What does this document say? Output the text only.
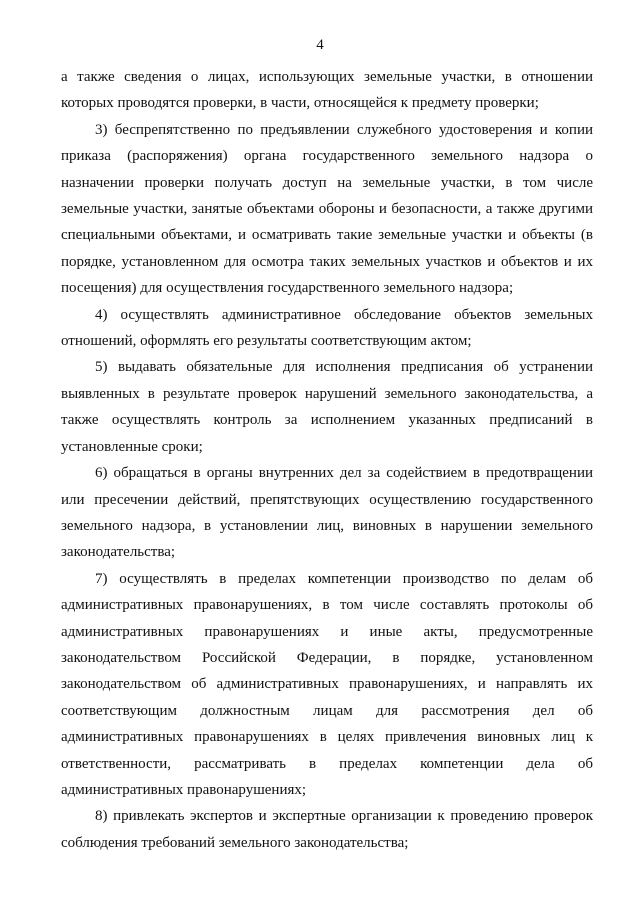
4

а также сведения о лицах, использующих земельные участки, в отношении которых проводятся проверки, в части, относящейся к предмету проверки;

3) беспрепятственно по предъявлении служебного удостоверения и копии приказа (распоряжения) органа государственного земельного надзора о назначении проверки получать доступ на земельные участки, в том числе земельные участки, занятые объектами обороны и безопасности, а также другими специальными объектами, и осматривать такие земельные участки и объекты (в порядке, установленном для осмотра таких земельных участков и объектов и их посещения) для осуществления государственного земельного надзора;

4) осуществлять административное обследование объектов земельных отношений, оформлять его результаты соответствующим актом;

5) выдавать обязательные для исполнения предписания об устранении выявленных в результате проверок нарушений земельного законодательства, а также осуществлять контроль за исполнением указанных предписаний в установленные сроки;

6) обращаться в органы внутренних дел за содействием в предотвращении или пресечении действий, препятствующих осуществлению государственного земельного надзора, в установлении лиц, виновных в нарушении земельного законодательства;

7) осуществлять в пределах компетенции производство по делам об административных правонарушениях, в том числе составлять протоколы об административных правонарушениях и иные акты, предусмотренные законодательством Российской Федерации, в порядке, установленном законодательством об административных правонарушениях, и направлять их соответствующим должностным лицам для рассмотрения дел об административных правонарушениях в целях привлечения виновных лиц к ответственности, рассматривать в пределах компетенции дела об административных правонарушениях;

8) привлекать экспертов и экспертные организации к проведению проверок соблюдения требований земельного законодательства;
